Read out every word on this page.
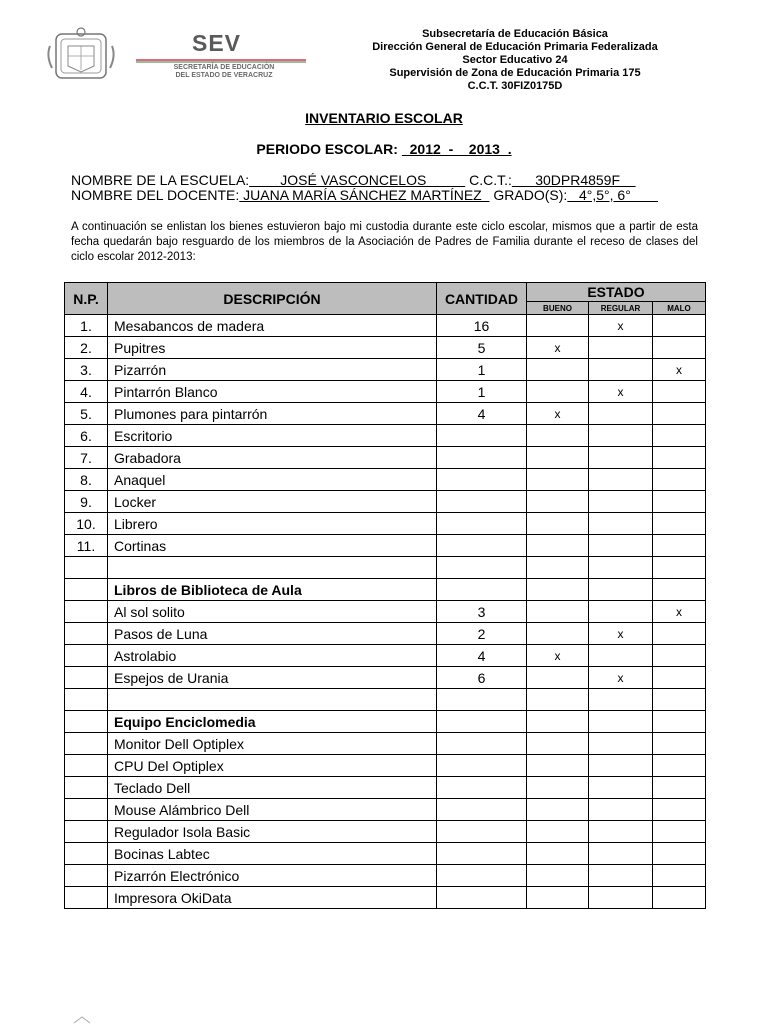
SEV
SECRETARÍA DE EDUCACIÓN
DEL ESTADO DE VERACRUZ
Subsecretaría de Educación Básica
Dirección General de Educación Primaria Federalizada
Sector Educativo 24
Supervisión de Zona de Educación Primaria 175
C.C.T. 30FIZ0175D
INVENTARIO ESCOLAR
PERIODO ESCOLAR:   2012  -    2013  .
NOMBRE DE LA ESCUELA:        JOSÉ VASCONCELOS           C.C.T.:      30DPR4859F
NOMBRE DEL DOCENTE: JUANA MARÍA SÁNCHEZ MARTÍNEZ   GRADO(S):   4°,5°, 6°
A continuación se enlistan los bienes estuvieron bajo mi custodia durante este ciclo escolar, mismos que a partir de esta fecha quedarán bajo resguardo de los miembros de la Asociación de Padres de Familia durante el receso de clases del ciclo escolar 2012-2013:
N.P.	DESCRIPCIÓN	CANTIDAD	ESTADO		
			BUENO	REGULAR	MALO
1.	Mesabancos de madera	16		x	
2.	Pupitres	5	x		
3.	Pizarrón	1			x
4.	Pintarrón Blanco	1		x	
5.	Plumones para pintarrón	4	x		
6.	Escritorio				
7.	Grabadora				
8.	Anaquel				
9.	Locker				
10.	Librero				
11.	Cortinas				

	Libros de Biblioteca de Aula				
	Al sol solito	3			x
	Pasos de Luna	2		x	
	Astrolabio	4	x		
	Espejos de Urania	6		x	

	Equipo Enciclomedia				
	Monitor Dell Optiplex				
	CPU Del Optiplex				
	Teclado Dell				
	Mouse Alámbrico Dell				
	Regulador Isola Basic				
	Bocinas Labtec				
	Pizarrón Electrónico				
	Impresora OkiData				
